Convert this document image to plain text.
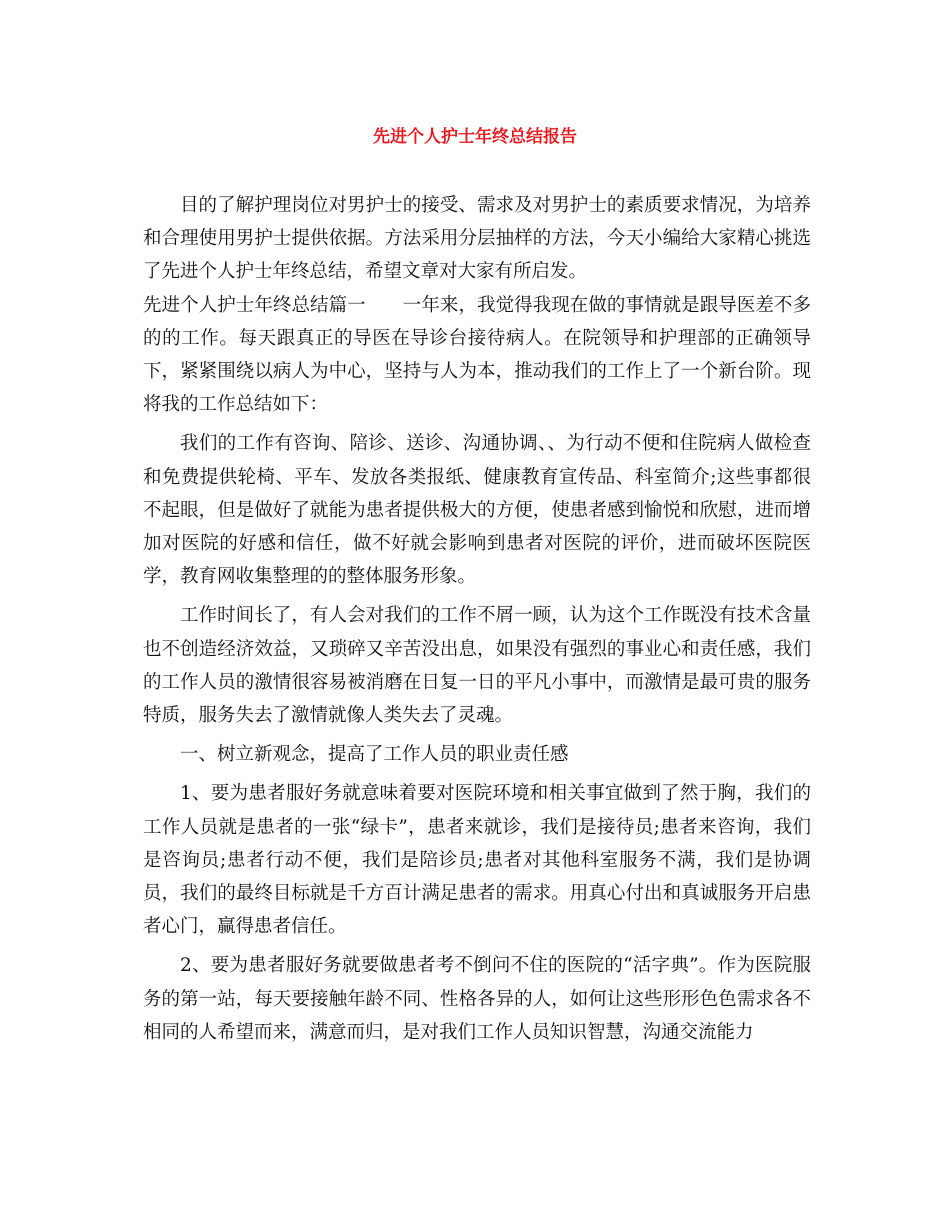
先进个人护士年终总结报告

目的了解护理岗位对男护士的接受、需求及对男护士的素质要求情况，为培养和合理使用男护士提供依据。方法采用分层抽样的方法，今天小编给大家精心挑选了先进个人护士年终总结，希望文章对大家有所启发。

先进个人护士年终总结篇一　　一年来，我觉得我现在做的事情就是跟导医差不多的的工作。每天跟真正的导医在导诊台接待病人。在院领导和护理部的正确领导下，紧紧围绕以病人为中心，坚持与人为本，推动我们的工作上了一个新台阶。现将我的工作总结如下：

我们的工作有咨询、陪诊、送诊、沟通协调、、为行动不便和住院病人做检查和免费提供轮椅、平车、发放各类报纸、健康教育宣传品、科室简介;这些事都很不起眼，但是做好了就能为患者提供极大的方便，使患者感到愉悦和欣慰，进而增加对医院的好感和信任，做不好就会影响到患者对医院的评价，进而破坏医院医学，教育网收集整理的的整体服务形象。

工作时间长了，有人会对我们的工作不屑一顾，认为这个工作既没有技术含量也不创造经济效益，又琐碎又辛苦没出息，如果没有强烈的事业心和责任感，我们的工作人员的激情很容易被消磨在日复一日的平凡小事中，而激情是最可贵的服务特质，服务失去了激情就像人类失去了灵魂。

一、树立新观念，提高了工作人员的职业责任感

1、要为患者服好务就意味着要对医院环境和相关事宜做到了然于胸，我们的工作人员就是患者的一张“绿卡”，患者来就诊，我们是接待员;患者来咨询，我们是咨询员;患者行动不便，我们是陪诊员;患者对其他科室服务不满，我们是协调员，我们的最终目标就是千方百计满足患者的需求。用真心付出和真诚服务开启患者心门，赢得患者信任。

2、要为患者服好务就要做患者考不倒问不住的医院的“活字典”。作为医院服务的第一站，每天要接触年龄不同、性格各异的人，如何让这些形形色色需求各不相同的人希望而来，满意而归，是对我们工作人员知识智慧，沟通交流能力
